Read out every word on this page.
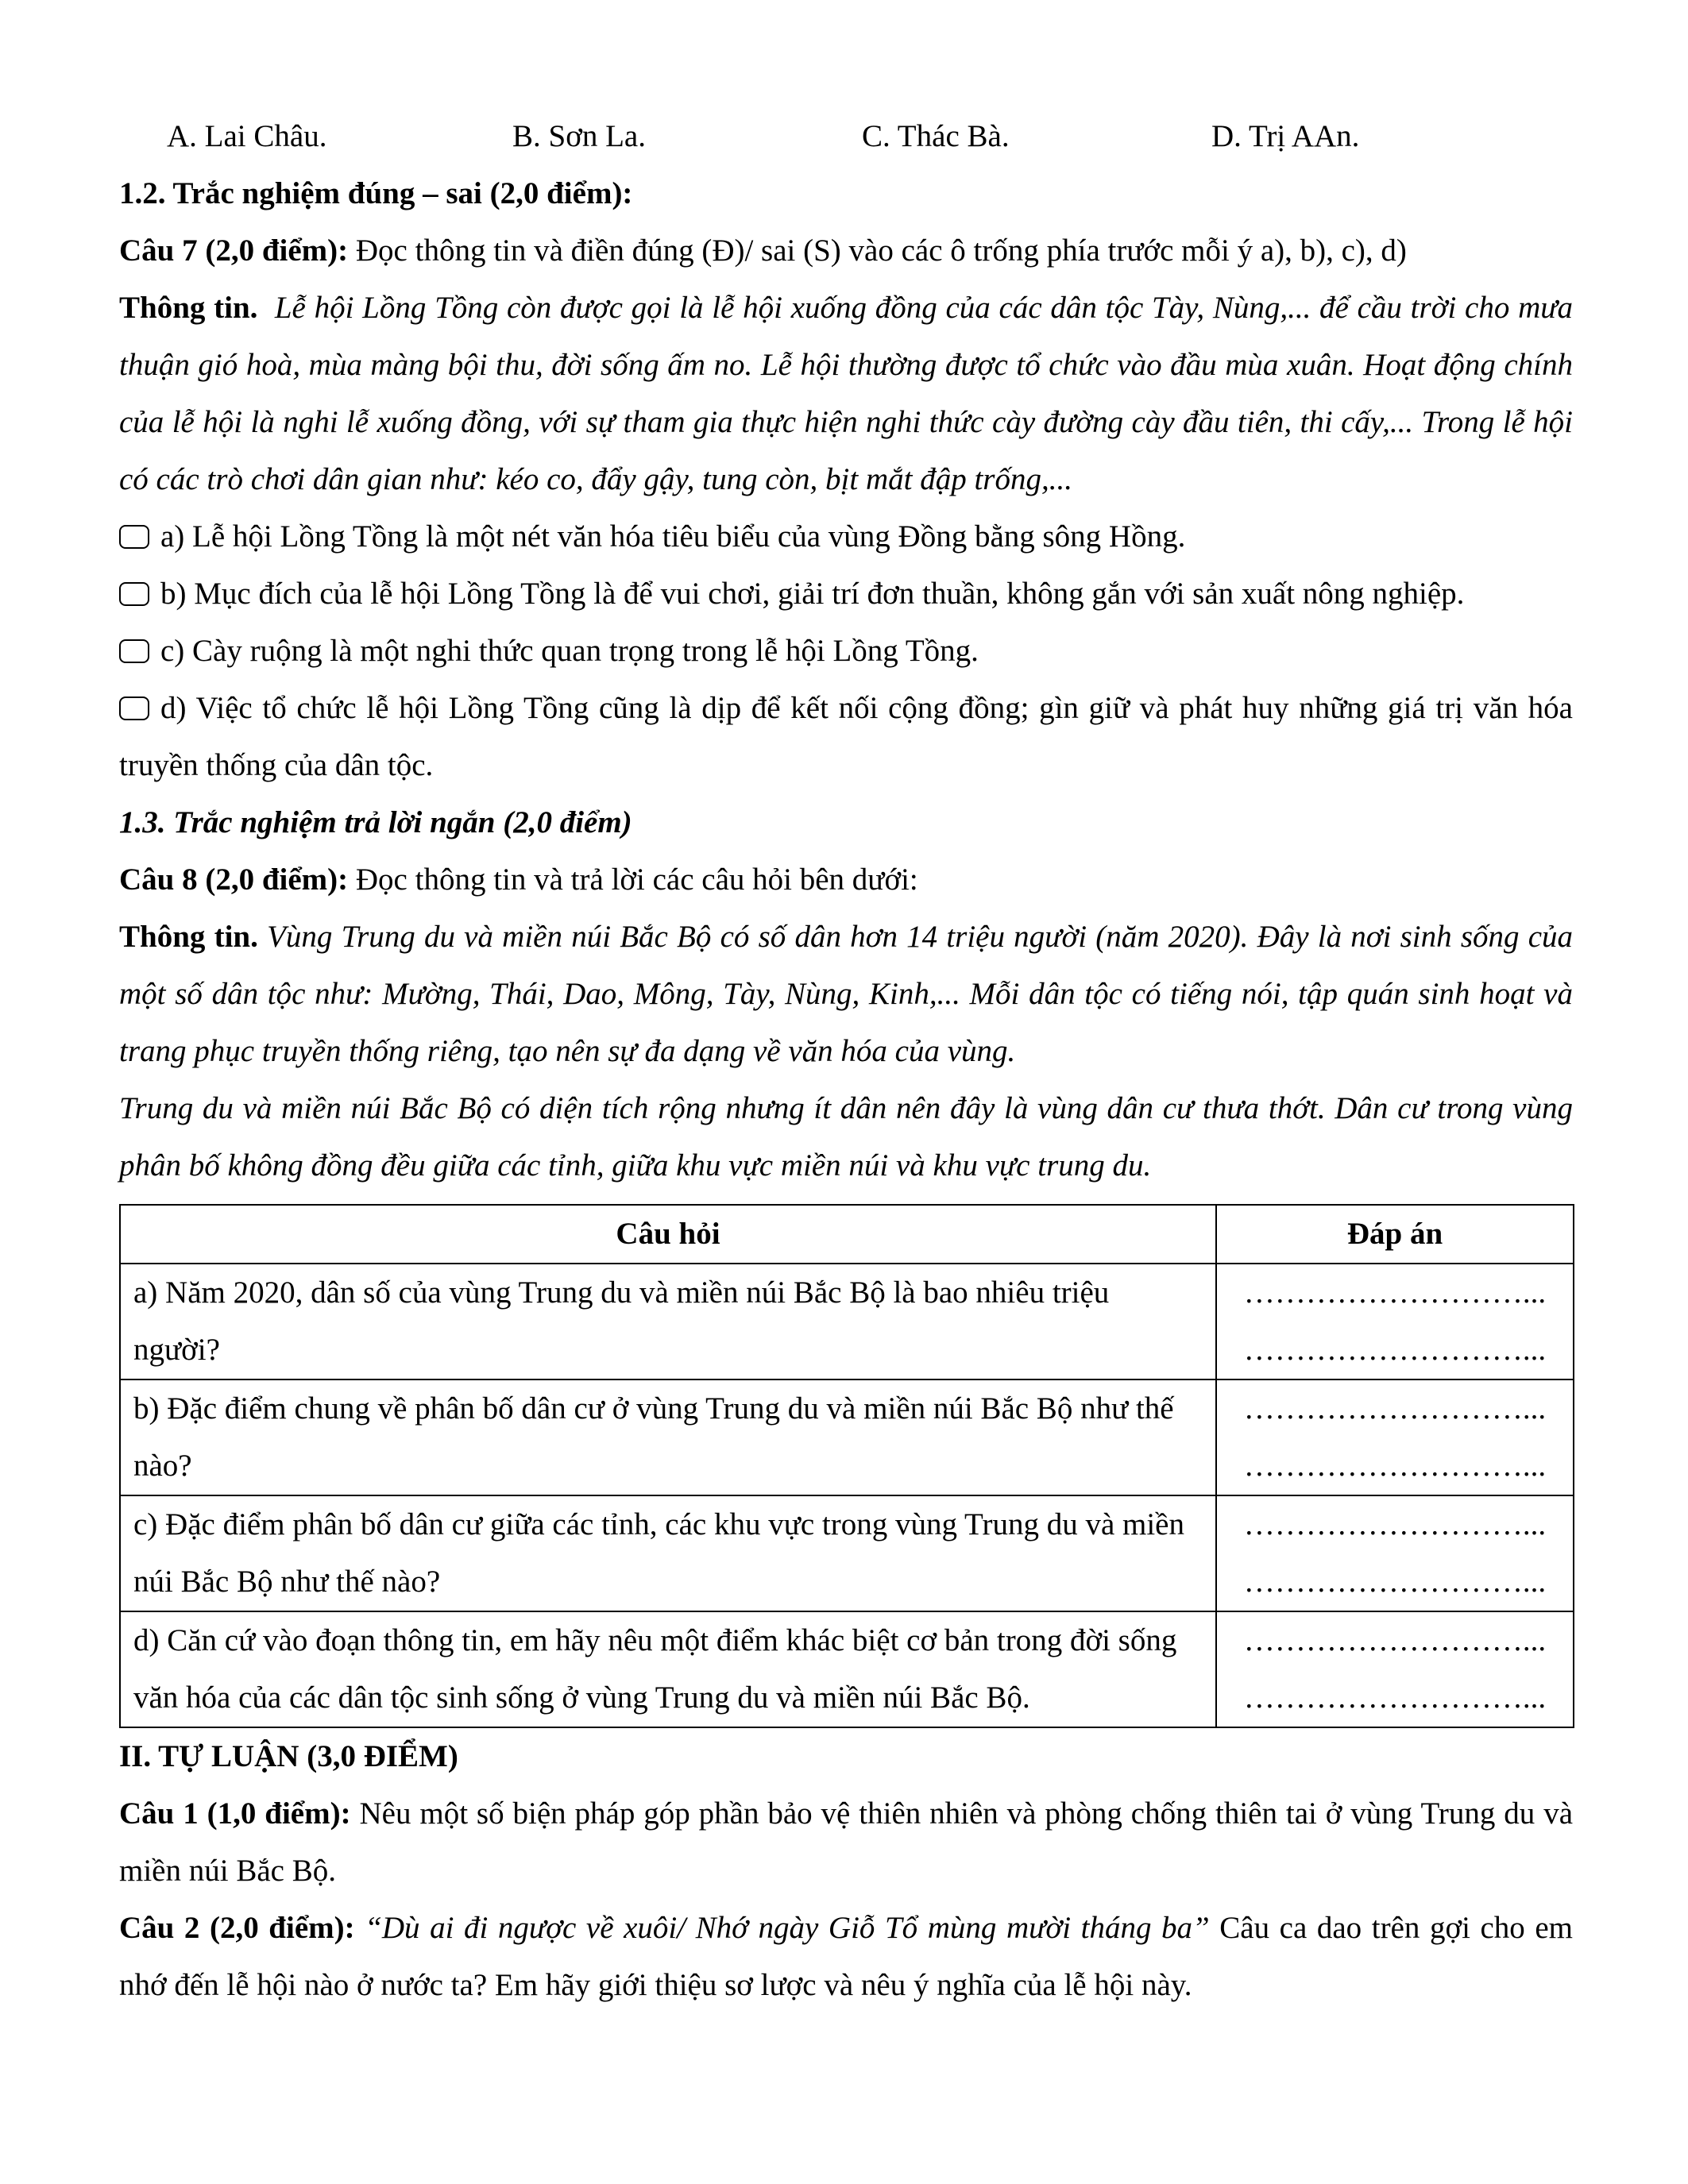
A. Lai Châu.	B. Sơn La.	C. Thác Bà.	D. Trị AAn.
1.2. Trắc nghiệm đúng – sai (2,0 điểm):
Câu 7 (2,0 điểm): Đọc thông tin và điền đúng (Đ)/ sai (S) vào các ô trống phía trước mỗi ý a), b), c), d)
Thông tin. Lễ hội Lồng Tồng còn được gọi là lễ hội xuống đồng của các dân tộc Tày, Nùng,... để cầu trời cho mưa thuận gió hoà, mùa màng bội thu, đời sống ấm no. Lễ hội thường được tổ chức vào đầu mùa xuân. Hoạt động chính của lễ hội là nghi lễ xuống đồng, với sự tham gia thực hiện nghi thức cày đường cày đầu tiên, thi cấy,... Trong lễ hội có các trò chơi dân gian như: kéo co, đẩy gậy, tung còn, bịt mắt đập trống,...
a) Lễ hội Lồng Tồng là một nét văn hóa tiêu biểu của vùng Đồng bằng sông Hồng.
b) Mục đích của lễ hội Lồng Tồng là để vui chơi, giải trí đơn thuần, không gắn với sản xuất nông nghiệp.
c) Cày ruộng là một nghi thức quan trọng trong lễ hội Lồng Tồng.
d) Việc tổ chức lễ hội Lồng Tồng cũng là dịp để kết nối cộng đồng; gìn giữ và phát huy những giá trị văn hóa truyền thống của dân tộc.
1.3. Trắc nghiệm trả lời ngắn (2,0 điểm)
Câu 8 (2,0 điểm): Đọc thông tin và trả lời các câu hỏi bên dưới:
Thông tin. Vùng Trung du và miền núi Bắc Bộ có số dân hơn 14 triệu người (năm 2020). Đây là nơi sinh sống của một số dân tộc như: Mường, Thái, Dao, Mông, Tày, Nùng, Kinh,... Mỗi dân tộc có tiếng nói, tập quán sinh hoạt và trang phục truyền thống riêng, tạo nên sự đa dạng về văn hóa của vùng.
Trung du và miền núi Bắc Bộ có diện tích rộng nhưng ít dân nên đây là vùng dân cư thưa thớt. Dân cư trong vùng phân bố không đồng đều giữa các tỉnh, giữa khu vực miền núi và khu vực trung du.
Câu hỏi	Đáp án
a) Năm 2020, dân số của vùng Trung du và miền núi Bắc Bộ là bao nhiêu triệu người?	………………………...
………………………...

b) Đặc điểm chung về phân bố dân cư ở vùng Trung du và miền núi Bắc Bộ như thế nào?	………………………...
………………………...

c) Đặc điểm phân bố dân cư giữa các tỉnh, các khu vực trong vùng Trung du và miền núi Bắc Bộ như thế nào?	………………………...
………………………...

d) Căn cứ vào đoạn thông tin, em hãy nêu một điểm khác biệt cơ bản trong đời sống văn hóa của các dân tộc sinh sống ở vùng Trung du và miền núi Bắc Bộ.	………………………...
………………………...
II. TỰ LUẬN (3,0 ĐIỂM)
Câu 1 (1,0 điểm): Nêu một số biện pháp góp phần bảo vệ thiên nhiên và phòng chống thiên tai ở vùng Trung du và miền núi Bắc Bộ.
Câu 2 (2,0 điểm): “Dù ai đi ngược về xuôi/ Nhớ ngày Giỗ Tổ mùng mười tháng ba” Câu ca dao trên gợi cho em nhớ đến lễ hội nào ở nước ta? Em hãy giới thiệu sơ lược và nêu ý nghĩa của lễ hội này.
